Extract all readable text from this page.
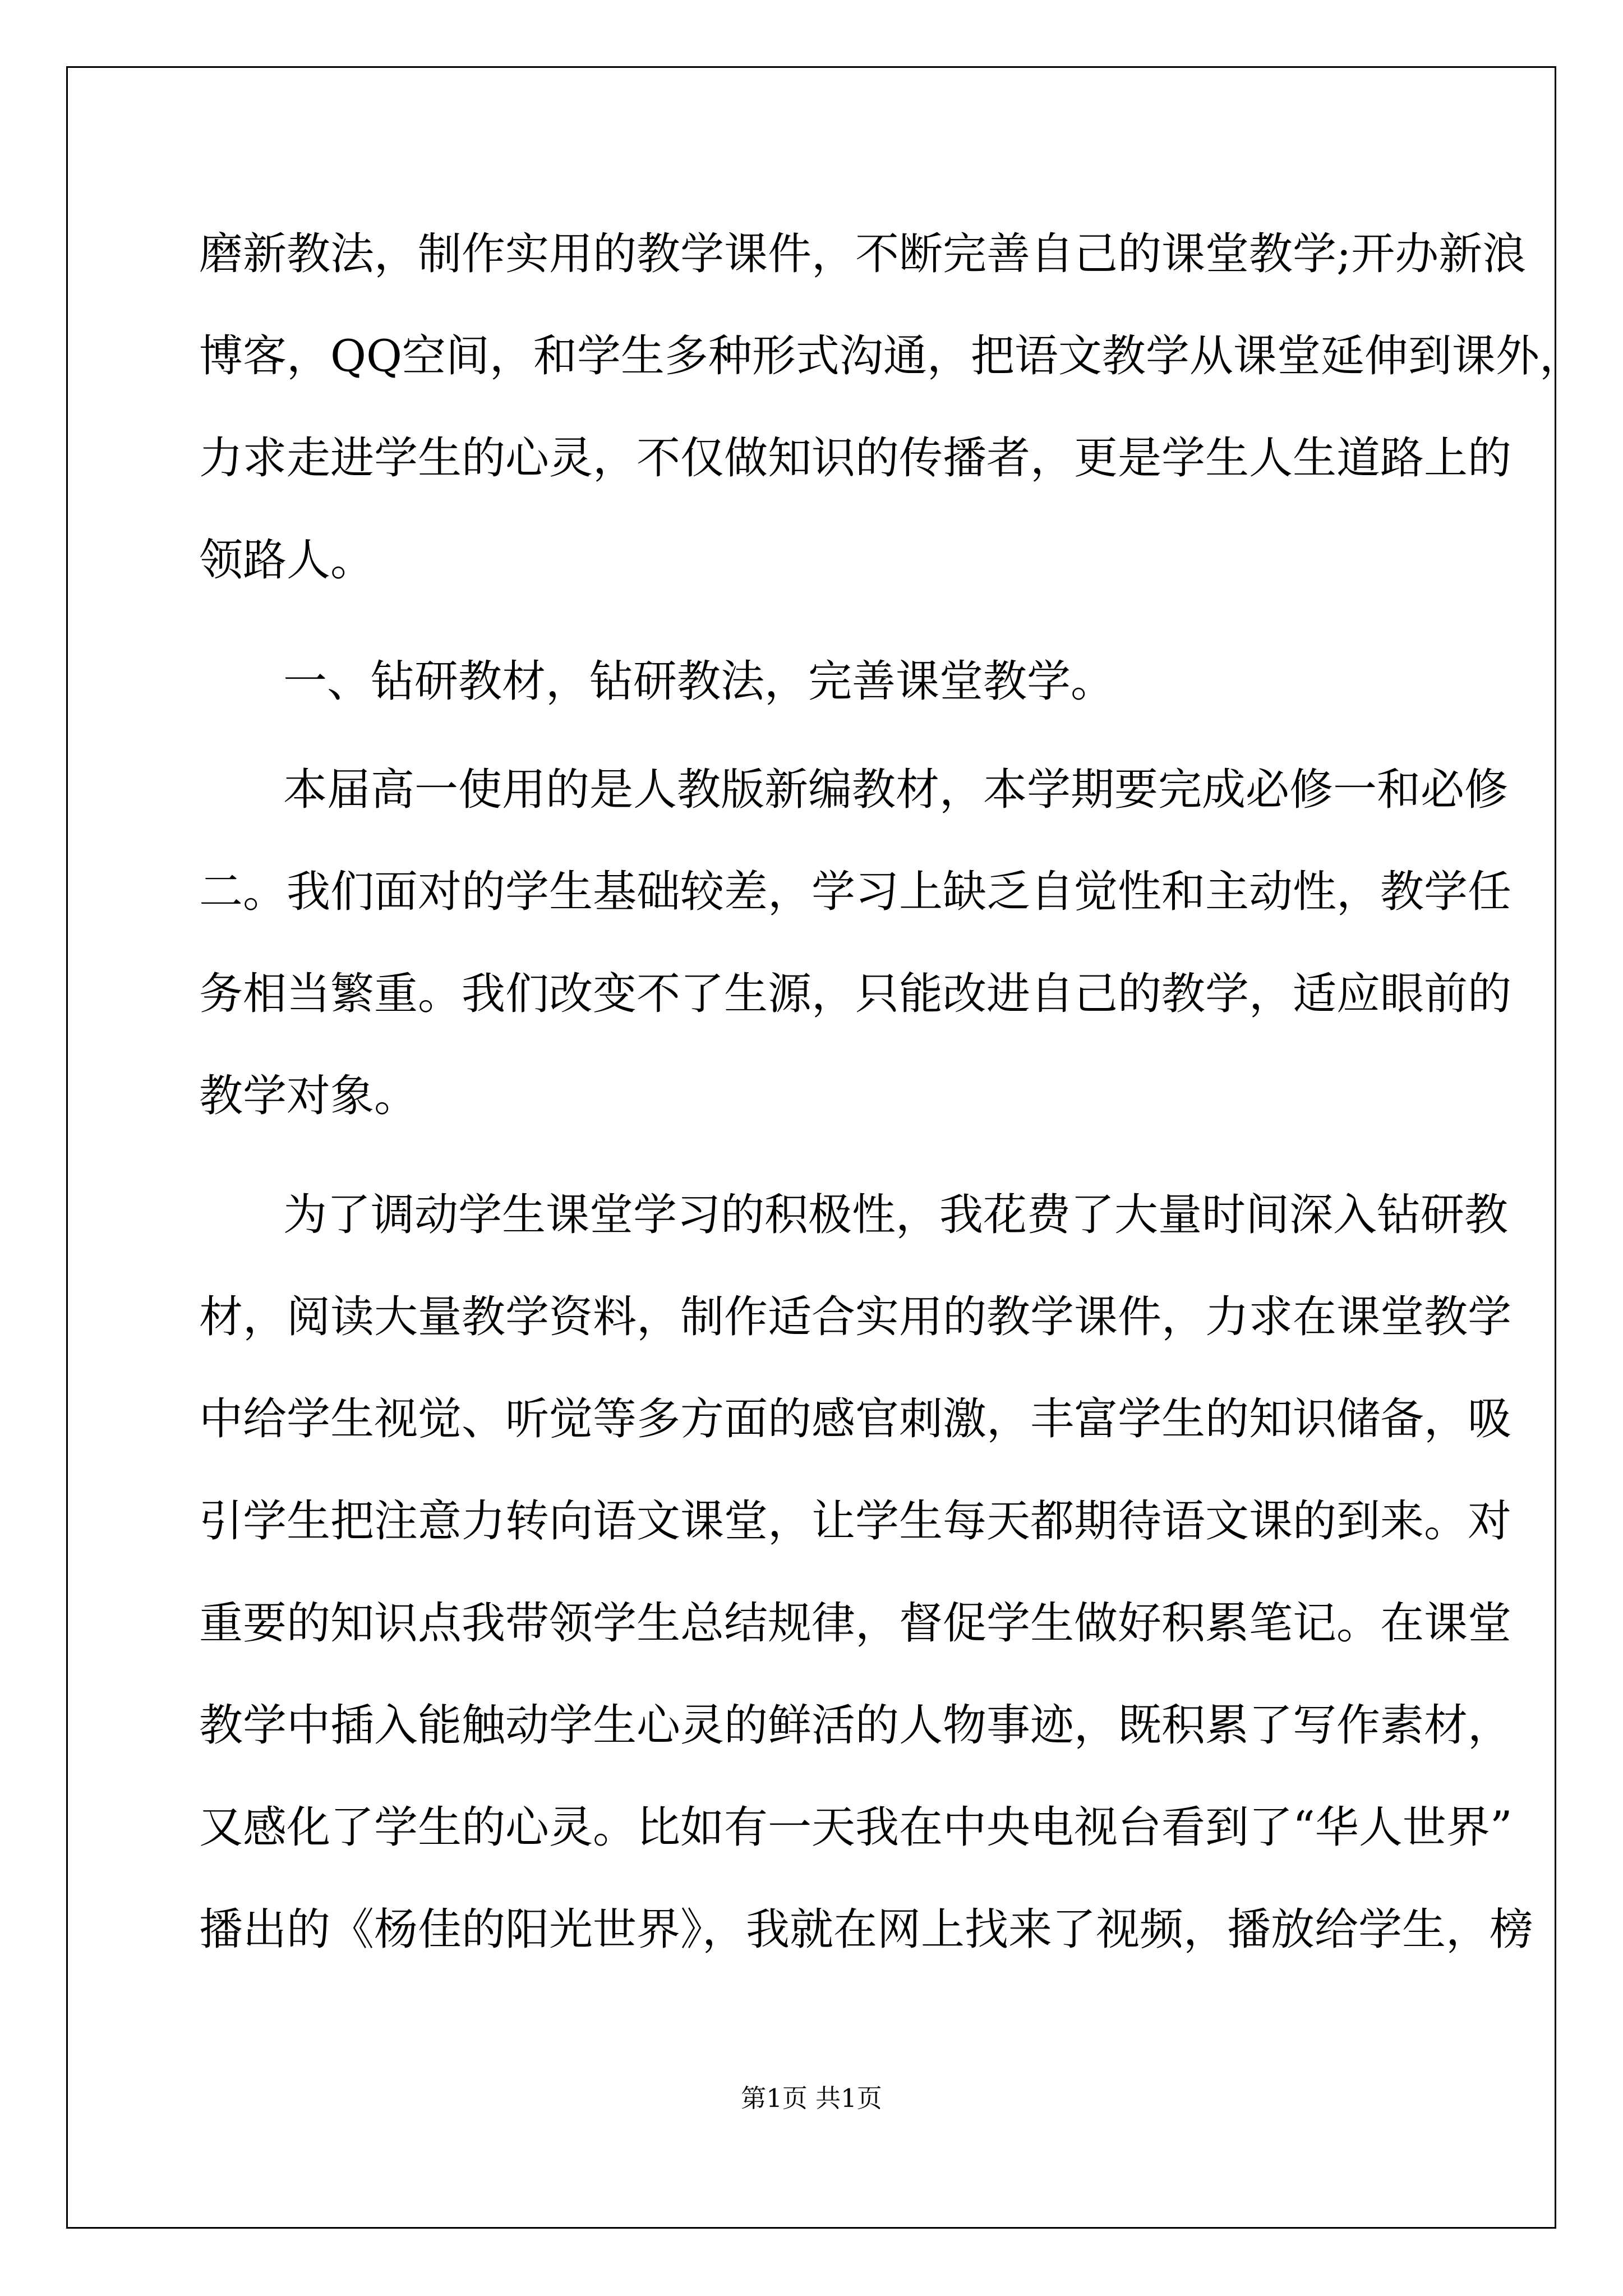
磨新教法，制作实用的教学课件，不断完善自己的课堂教学;开办新浪
博客，QQ空间，和学生多种形式沟通，把语文教学从课堂延伸到课外，
力求走进学生的心灵，不仅做知识的传播者，更是学生人生道路上的
领路人。
一、钻研教材，钻研教法，完善课堂教学。
本届高一使用的是人教版新编教材，本学期要完成必修一和必修
二。我们面对的学生基础较差，学习上缺乏自觉性和主动性，教学任
务相当繁重。我们改变不了生源，只能改进自己的教学，适应眼前的
教学对象。
为了调动学生课堂学习的积极性，我花费了大量时间深入钻研教
材，阅读大量教学资料，制作适合实用的教学课件，力求在课堂教学
中给学生视觉、听觉等多方面的感官刺激，丰富学生的知识储备，吸
引学生把注意力转向语文课堂，让学生每天都期待语文课的到来。对
重要的知识点我带领学生总结规律，督促学生做好积累笔记。在课堂
教学中插入能触动学生心灵的鲜活的人物事迹，既积累了写作素材，
又感化了学生的心灵。比如有一天我在中央电视台看到了“华人世界”
播出的《杨佳的阳光世界》，我就在网上找来了视频，播放给学生，榜
第1页 共1页
